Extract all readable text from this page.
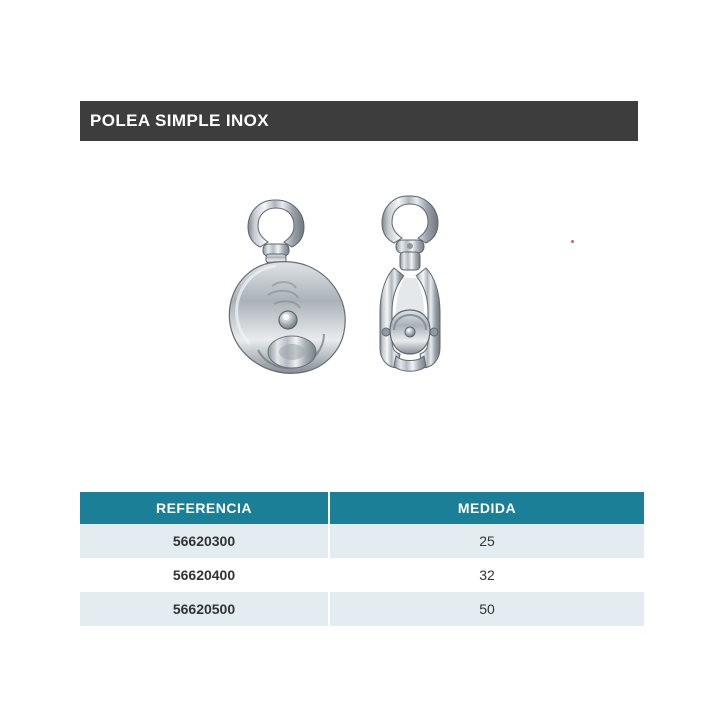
POLEA SIMPLE INOX
REFERENCIA	MEDIDA
56620300	25
56620400	32
56620500	50
